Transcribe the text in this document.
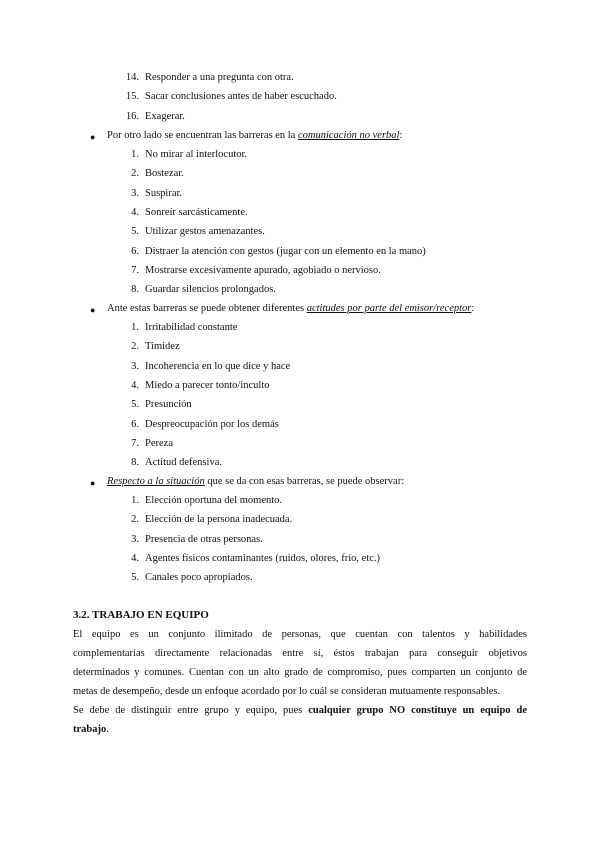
14. Responder a una pregunta con otra.
15. Sacar conclusiones antes de haber escuchado.
16. Exagerar.
● Por otro lado se encuentran las barreras en la comunicación no verbal:
1. No mirar al interlocutor.
2. Bostezar.
3. Suspirar.
4. Sonreír sarcásticamente.
5. Utilizar gestos amenazantes.
6. Distraer la atención con gestos (jugar con un elemento en la mano)
7. Mostrarse excesivamente apurado, agobiado o nervioso.
8. Guardar silencios prolongados.
● Ante estas barreras se puede obtener diferentes actitudes por parte del emisor/receptor:
1. Irritabilidad constante
2. Timidez
3. Incoherencia en lo que dice y hace
4. Miedo a parecer tonto/inculto
5. Presunción
6. Despreocupación por los demás
7. Pereza
8. Actitud defensiva.
● Respecto a la situación que se da con esas barreras, se puede observar:
1. Elección oportuna del momento.
2. Elección de la persona inadecuada.
3. Presencia de otras personas.
4. Agentes físicos contaminantes (ruidos, olores, frío, etc.)
5. Canales poco apropiados.
3.2. TRABAJO EN EQUIPO
El equipo es un conjunto ilimitado de personas, que cuentan con talentos y habilidades
complementarias directamente relacionadas entre sí, éstos trabajan para conseguir objetivos
determinados y comunes. Cuentan con un alto grado de compromiso, pues comparten un conjunto de
metas de desempeño, desde un enfoque acordado por lo cuál se consideran mutuamente responsables.
Se debe de distinguir entre grupo y equipo, pues cualquier grupo NO constituye un equipo de
trabajo.
